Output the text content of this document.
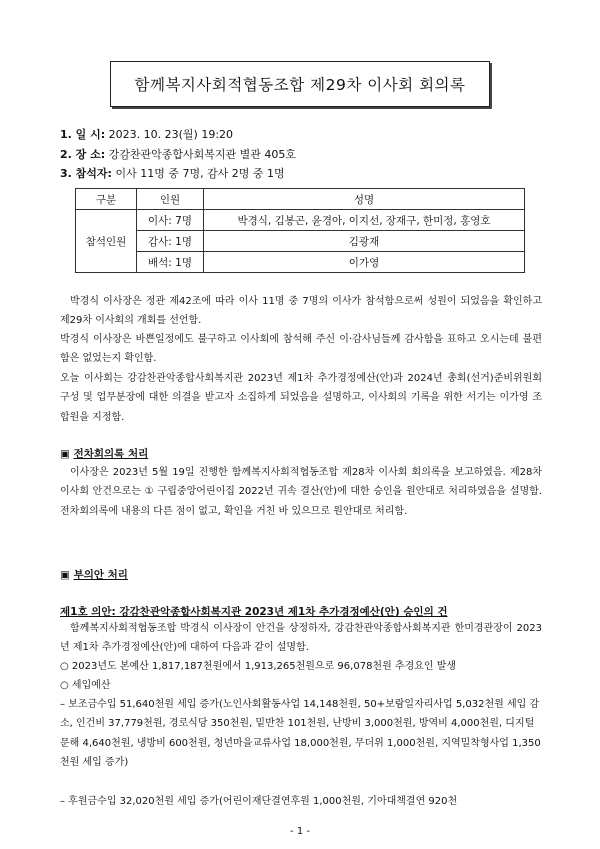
함께복지사회적협동조합 제29차 이사회 회의록
1. 일 시: 2023. 10. 23(월) 19:20
2. 장 소: 강감찬관악종합사회복지관 별관 405호
3. 참석자: 이사 11명 중 7명, 감사 2명 중 1명
구분	인원	성명
참석인원	이사: 7명	박경식, 김봉곤, 윤경아, 이지선, 장재구, 한미정, 홍영호
	감사: 1명	김광재
	배석: 1명	이가영
박경식 이사장은 정관 제42조에 따라 이사 11명 중 7명의 이사가 참석함으로써 성원이 되었음을 확인하고 제29차 이사회의 개회를 선언함.
박경식 이사장은 바쁜일정에도 불구하고 이사회에 참석해 주신 이·감사님들께 감사함을 표하고 오시는데 불편함은 없었는지 확인함.
오늘 이사회는 강감찬관악종합사회복지관 2023년 제1차 추가경정예산(안)과 2024년 총회(선거)준비위원회 구성 및 업무분장에 대한 의결을 받고자 소집하게 되었음을 설명하고, 이사회의 기록을 위한 서기는 이가영 조합원을 지정함.
▣ 전차회의록 처리
이사장은 2023년 5월 19일 진행한 함께복지사회적협동조합 제28차 이사회 회의록을 보고하였음. 제28차 이사회 안건으로는 ① 구립중앙어린이집 2022년 귀속 결산(안)에 대한 승인을 원안대로 처리하였음을 설명함. 전차회의록에 내용의 다른 점이 없고, 확인을 거친 바 있으므로 원안대로 처리함.
▣ 부의안 처리
제1호 의안: 강감찬관악종합사회복지관 2023년 제1차 추가경정예산(안) 승인의 건
함께복지사회적협동조합 박경식 이사장이 안건을 상정하자, 강감찬관악종합사회복지관 한미경관장이 2023년 제1차 추가경정예산(안)에 대하여 다음과 같이 설명함.
○ 2023년도 본예산 1,817,187천원에서 1,913,265천원으로 96,078천원 추경요인 발생
○ 세입예산
– 보조금수입 51,640천원 세입 증가(노인사회활동사업 14,148천원, 50+보람일자리사업 5,032천원 세입 감소, 인건비 37,779천원, 경로식당 350천원, 밑반찬 101천원, 난방비 3,000천원, 방역비 4,000천원, 디지털문해 4,640천원, 냉방비 600천원, 청년마을교류사업 18,000천원, 무더위 1,000천원, 지역밀착형사업 1,350천원 세입 증가)
– 후원금수입 32,020천원 세입 증가(어린이재단결연후원 1,000천원, 기아대책결연 920천
- 1 -
